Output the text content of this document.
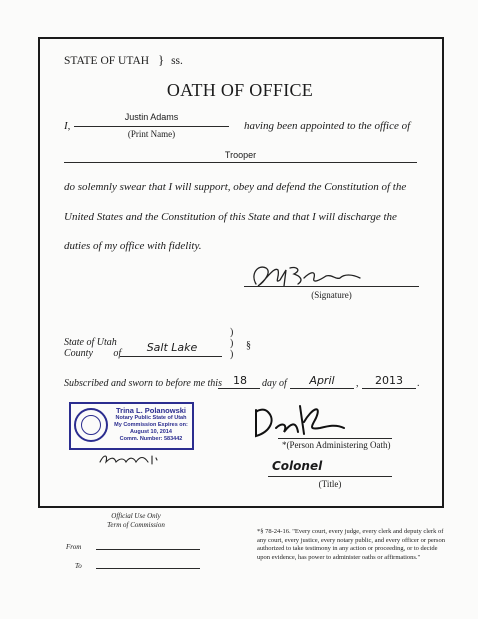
STATE OF UTAH } ss.
OATH OF OFFICE
I,
Justin Adams
(Print Name)
having been appointed to the office of
Trooper
do solemnly swear that I will support, obey and defend the Constitution of the
United States and the Constitution of this State and that I will discharge the
duties of my office with fidelity.
(Signature)
State of Utah
County of	Salt Lake
)
)
)
§
Subscribed and sworn to before me this	18	day of	April	,	2013	.
Trina L. Polanowski
Notary Public State of Utah
My Commission Expires on:
August 10, 2014
Comm. Number: 583442
*(Person Administering Oath)
Colonel
(Title)
Official Use Only
Term of Commission
From
To
*§ 78-24-16. "Every court, every judge, every clerk and deputy clerk of any court, every justice, every notary public, and every officer or person authorized to take testimony in any action or proceeding, or to decide upon evidence, has power to administer oaths or affirmations."
